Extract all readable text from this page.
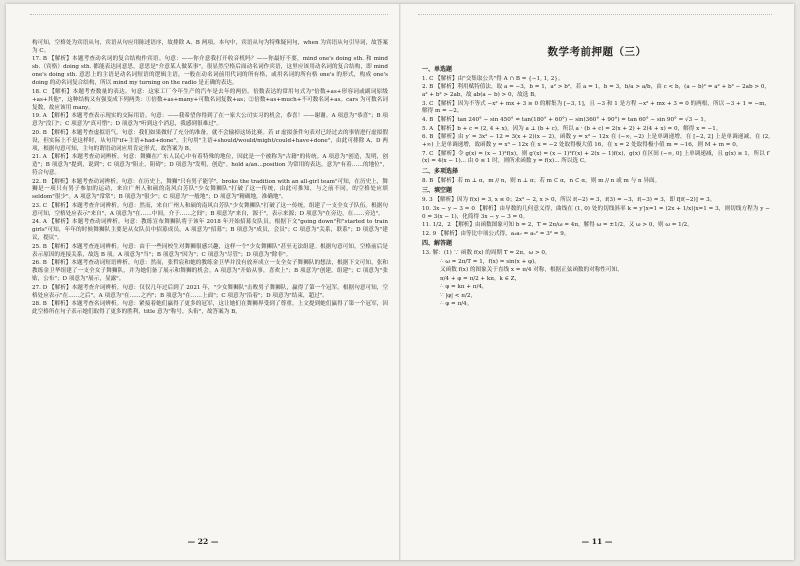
构可知，空格处为宾语从句，宾语从句应用陈述语序，故排除 A、B 两项。本句中，宾语从句为特殊疑问句，when 为宾语从句引导词，故答案为 C。

17. B 【解析】本题考查动名词的复合结构作宾语。句意：——你介意我打开收音机吗？——你最好不要，mind one's doing sth. 和 mind sb.（宾格）doing sth. 都能表达同意思，意思是"介意某人做某事"，很显然空格后面动名词作宾语，这里应该用动名词的复合结构，即 mind one's doing sth. 意思上的主语是动名词短语的逻辑主语，一般在动名词前用代词的所有格，或用名词的所有格 one's 的形式，构成 one's doing 的动名词复合结构，所以 mind my turning on the radio 是正确的表达。

18. C 【解析】本题考查数量的表达。句意：这家工厂今年生产的汽车是去年的两倍。倍数表达的常用句式为"倍数+as+形容词或副词原级+as+其他"，这种结构又有强变成下列两类：①倍数+as+many+可数名词复数+as；②倍数+as+much+不可数名词+as。cars 为可数名词复数，故应该用 many。

19. A 【解析】本题考查表示现实的交际用语。句意：——我希望你得到了在一家大公司实习的机会，恭喜！——谢谢。A 项意为"恭喜"；B 项意为"没门"；C 项意为"真可惜"；D 项意为"听到这个消息，我感到很难过"。

20. B 【解析】本题考查虚拟语气。句意：我们如果做好了充分的准备，就不会输掉这场比赛。若 if 虚拟条件句表对已经过去的事情进行虚拟假设，但实际上不是这样时，从句用"if+主语+had+done"，主句用"主语+should/would/might/could+have+done"，由此可排除 A、D 两项，根据句意可知，主句的谓语动词应用肯定形式，故答案为 B。

21. A 【解析】本题考查动词辨析。句意：舞狮在广东人民心中有着特殊的地位，因此是一个被称为"古籍"的传统。A 项意为"创造，发明，创造"；B 项意为"提到，说到"；C 项意为"阻止，阻碍"；D 项意为"发明，创造"。hold a/an...position 为常用的表达，意为"有着……的地位"，符合句意。

22. B 【解析】本题考查动词辨析。句意：在历史上，舞狮"只有男子能学"。broke the tradition with an all-girl team"可知，在历史上，舞狮是一项只有男子参加的运动，来自广州人和硕的南风白芳队"少女舞狮队"打破了这一传统，由此可推知，与之前不同，的空格处应填 seldom"很少"。A 项意为"常常"；B 项意为"很少"；C 项意为"一般地"；D 项意为"精确地，准确地"。

23. C 【解析】本题考查介词辨析。句意：然而，来自广州人和硕的南风白芳队"少女舞狮队"打破了这一传统，组建了一支全女子队伍。根据句意可知，空格处应表示"来自"，A 项意为"在……中间，介于……之间"；B 项意为"来自，源于"，表示来源；D 项意为"在旁边，在……旁边"。

24. A 【解析】本题考查动词辨析。句意：教练宣布舞狮队将于该年 2018 年开始招募女队员。根据下文"going down"和"started to train girls"可知，年年的时候舞狮队主要是从女队员中招募成员。A 项意为"招募"；B 项意为"成员，会员"；C 项意为"关系，联系"；D 项意为"建议，提议"。

25. B 【解析】本题考查连词辨析。句意：由于一些同校生对舞狮很感兴趣，这样一个"少女舞狮队"甚至无法组建。根据句意可知，空格前后是表示原因的连接关系，故选 B 项。A 项意为"当"；B 项意为"因为"；C 项意为"尽管"；D 项意为"除非"。

26. B 【解析】本题考查动词短语辨析。句意：然而，张哲宸和她的教练金卫华并没有放弃成立一支全女子舞狮队的想法，根据下文可知，张和教练金卫华组建了一支全女子舞狮队，并为她们备了展示和舞狮的机会。A 项意为"开始从事，喜欢上"；B 项意为"创建，组建"；C 项意为"张贴，公布"；D 项意为"展示，显露"。

27. D 【解析】本题考查介词辨析。句意：仅仅几年过后到了 2021 年，"少女舞狮队"击败男子舞狮队，赢得了第一个冠军。根据句意可知，空格处应表示"在……之后"，A 项意为"在……之内"；B 项意为"在……上面"；C 项意为"沿着"；D 项意为"结束，超过"。

28. B 【解析】本题考查名词辨析。句意：紧接着她们赢得了更多的冠军，这让她们在舞狮界受到了尊重。上文提到她们赢得了第一个冠军，因此空格所在句子表示她们取得了更多的胜利，title 意为"称号，头衔"，故答案为 B。

— 22 —
数学考前押题（三）
一、单选题

1. C 【解析】由"交集取公共"得 A ∩ B = {−1, 1, 2}。

2. B 【解析】利用赋特值法，取 a = −3，b = 1，a² > b²，若 a = 1，b = 3，b/a > a/b，由 c < b，(a − b)² = a² + b² − 2ab > 0，a² + b² > 2ab，故 ab(a − b) > 0，故选 B。

3. C 【解析】因为不等式 −x² + mx + 3 ≥ 0 的解集为 [−3, 1]，且 −3 和 1 是方程 −x² + mx + 3 = 0 的两根，所以 −3 + 1 = −m，解得 m = −2。

4. B 【解析】tan 240° − sin 450° = tan(180° + 60°) − sin(360° + 90°) = tan 60° − sin 90° = √3 − 1。

5. A 【解析】b + c = (2, 4 + x)，因为 a ⊥ (b + c)，所以 a · (b + c) = 2(x + 2) + 2(4 + x) = 0，解得 x = −1。

6. B 【解析】由 y′ = 3x² − 12 = 3(x + 2)(x − 2)，函数 y = x³ − 12x 在 (−∞, −2) 上是单调递增，在 [−2, 2] 上是单调递减，在 (2, +∞) 上是单调递增，故函数 y = x³ − 12x 在 x = −2 处取得极大值 16，在 x = 2 处取得极小值 m = −16，则 M + m = 0。

7. C 【解析】令 g(x) = (x − 1)²f(x)，则 g′(x) = (x − 1)²f′(x) + 2(x − 1)f(x)，g(x) 在区间 (−∞, 0] 上单调递减，且 g(x) ≥ 1，所以 f′(x) = 4(x − 1)... 由 0 ≤ 1 时，则所求函数 y = f(x)... 所以选 C。

二、多项选择

8. B 【解析】若 m ⊥ α，m // n，则 n ⊥ α；若 m ⊂ α，n ⊂ α，则 m // n 或 m 与 n 异面。

三、填空题

9. 3 【解析】因为 f(x) = 3, x ≤ 0；2x² − 2, x > 0，所以 f(−2) = 3，f(3) = −3，f(−3) = 3，即 f[f(−2)] = 3。

10. 3x − y − 3 = 0 【解析】由导数的几何意义得，曲线在 (1, 0) 处的切线斜率 k = y′|x=1 = (2x + 1/x)|x=1 = 3，则切线方程为 y − 0 = 3(x − 1)，化简得 3x − y − 3 = 0。

11. 1/2，2 【解析】由函数图象可知 b = 2，T = 2π/ω = 4π，解得 ω = ±1/2，又 ω > 0，则 ω = 1/2。

12. 9 【解析】由等比中项公式得，a₃a₇ = a₅² = 3² = 9。

四、解答题

13. 解：(1) ∵ 函数 f(x) 的周期 T = 2π，ω > 0，

∴ ω = 2π/T = 1，f(x) = sin(x + φ)，

又函数 f(x) 的图象关于直线 x = π/4 对称，根据正弦函数的对称性可知，

π/4 + φ = π/2 + kπ，k ∈ Z，

∴ φ = kπ + π/4，

∵ |φ| < π/2，

∴ φ = π/4。

— 11 —
